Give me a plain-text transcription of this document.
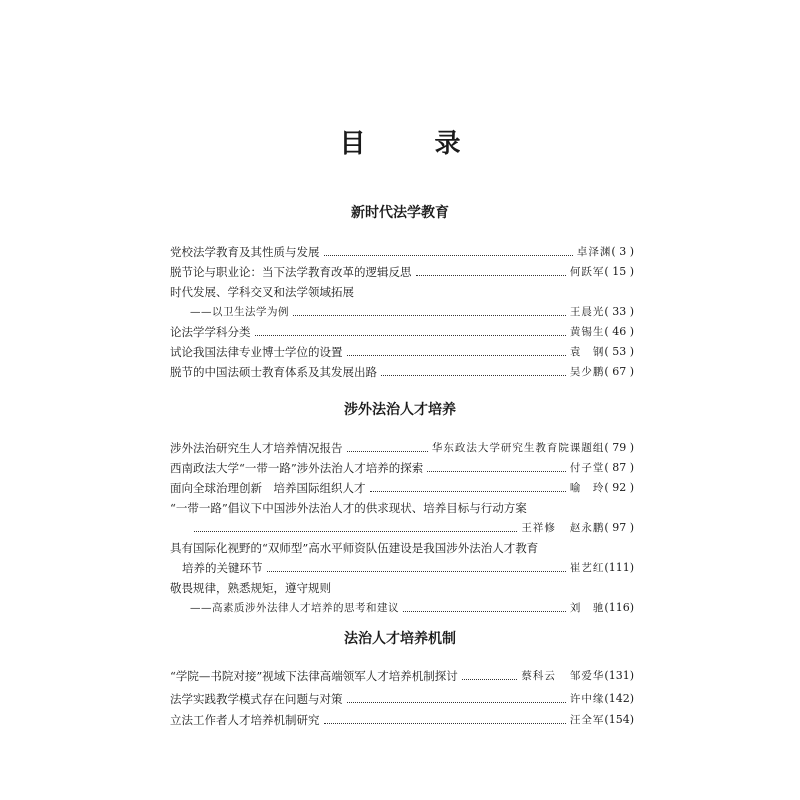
目 录
新时代法学教育
党校法学教育及其性质与发展	卓泽渊 ( 3 )
脱节论与职业论：当下法学教育改革的逻辑反思	何跃军 ( 15 )
时代发展、学科交叉和法学领域拓展
——以卫生法学为例	王晨光 ( 33 )
论法学学科分类	黄锡生 ( 46 )
试论我国法律专业博士学位的设置	袁　钢 ( 53 )
脱节的中国法硕士教育体系及其发展出路	吴少鹏 ( 67 )
涉外法治人才培养
涉外法治研究生人才培养情况报告	华东政法大学研究生教育院课题组 ( 79 )
西南政法大学“一带一路”涉外法治人才培养的探索	付子堂 ( 87 )
面向全球治理创新　培养国际组织人才	喻　玲 ( 92 )
“一带一路”倡议下中国涉外法治人才的供求现状、培养目标与行动方案
王祥修 赵永鹏 ( 97 )
具有国际化视野的“双师型”高水平师资队伍建设是我国涉外法治人才教育
培养的关键环节	崔艺红 (111)
敬畏规律，熟悉规矩，遵守规则
——高素质涉外法律人才培养的思考和建议	刘　驰 (116)
法治人才培养机制
“学院—书院对接”视域下法律高端领军人才培养机制探讨	蔡科云 邹爱华 (131)
法学实践教学模式存在问题与对策	许中缘 (142)
立法工作者人才培养机制研究	汪全军 (154)
